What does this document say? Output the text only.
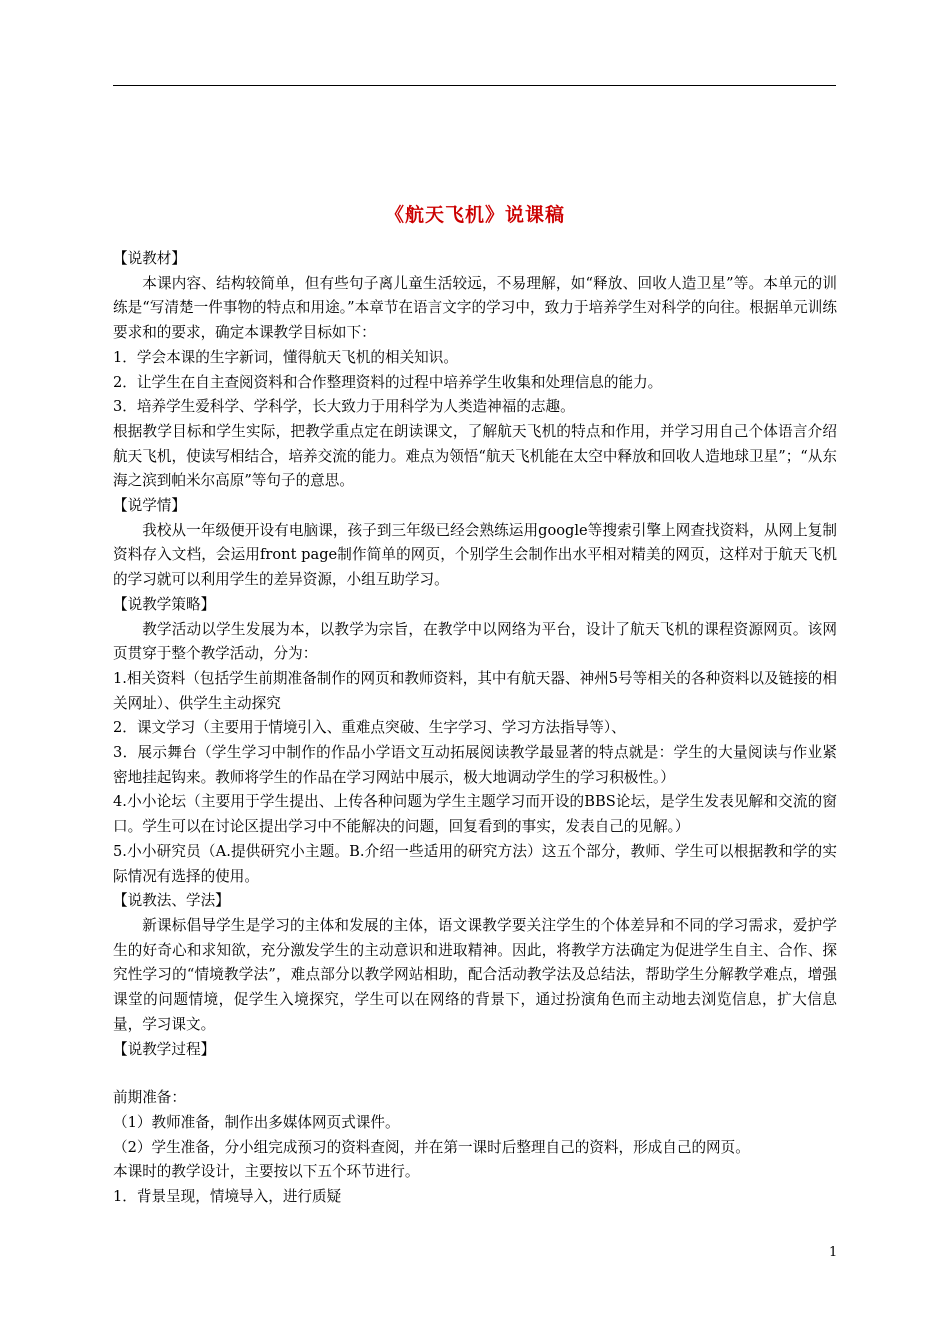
《航天飞机》说课稿

【说教材】

本课内容、结构较简单，但有些句子离儿童生活较远，不易理解，如“释放、回收人造卫星”等。本单元的训练是“写清楚一件事物的特点和用途。”本章节在语言文字的学习中，致力于培养学生对科学的向往。根据单元训练要求和的要求，确定本课教学目标如下：

1．学会本课的生字新词，懂得航天飞机的相关知识。

2．让学生在自主查阅资料和合作整理资料的过程中培养学生收集和处理信息的能力。

3．培养学生爱科学、学科学，长大致力于用科学为人类造神福的志趣。

根据教学目标和学生实际，把教学重点定在朗读课文，了解航天飞机的特点和作用，并学习用自己个体语言介绍航天飞机，使读写相结合，培养交流的能力。难点为领悟“航天飞机能在太空中释放和回收人造地球卫星”；“从东海之滨到帕米尔高原”等句子的意思。

【说学情】

我校从一年级便开设有电脑课，孩子到三年级已经会熟练运用google等搜索引擎上网查找资料，从网上复制资料存入文档，会运用front page制作简单的网页，个别学生会制作出水平相对精美的网页，这样对于航天飞机的学习就可以利用学生的差异资源，小组互助学习。

【说教学策略】

教学活动以学生发展为本，以教学为宗旨，在教学中以网络为平台，设计了航天飞机的课程资源网页。该网页贯穿于整个教学活动，分为：

1.相关资料（包括学生前期准备制作的网页和教师资料，其中有航天器、神州5号等相关的各种资料以及链接的相关网址）、供学生主动探究

2．课文学习（主要用于情境引入、重难点突破、生字学习、学习方法指导等）、

3．展示舞台（学生学习中制作的作品小学语文互动拓展阅读教学最显著的特点就是：学生的大量阅读与作业紧密地挂起钩来。教师将学生的作品在学习网站中展示，极大地调动学生的学习积极性。）

4.小小论坛（主要用于学生提出、上传各种问题为学生主题学习而开设的BBS论坛，是学生发表见解和交流的窗口。学生可以在讨论区提出学习中不能解决的问题，回复看到的事实，发表自己的见解。）

5.小小研究员（A.提供研究小主题。B.介绍一些适用的研究方法）这五个部分，教师、学生可以根据教和学的实际情况有选择的使用。

【说教法、学法】

新课标倡导学生是学习的主体和发展的主体，语文课教学要关注学生的个体差异和不同的学习需求，爱护学生的好奇心和求知欲，充分激发学生的主动意识和进取精神。因此，将教学方法确定为促进学生自主、合作、探究性学习的“情境教学法”，难点部分以教学网站相助，配合活动教学法及总结法，帮助学生分解教学难点，增强课堂的问题情境，促学生入境探究，学生可以在网络的背景下，通过扮演角色而主动地去浏览信息，扩大信息量，学习课文。

【说教学过程】

前期准备：

（1）教师准备，制作出多媒体网页式课件。

（2）学生准备，分小组完成预习的资料查阅，并在第一课时后整理自己的资料，形成自己的网页。

本课时的教学设计，主要按以下五个环节进行。

1．背景呈现，情境导入，进行质疑

1
